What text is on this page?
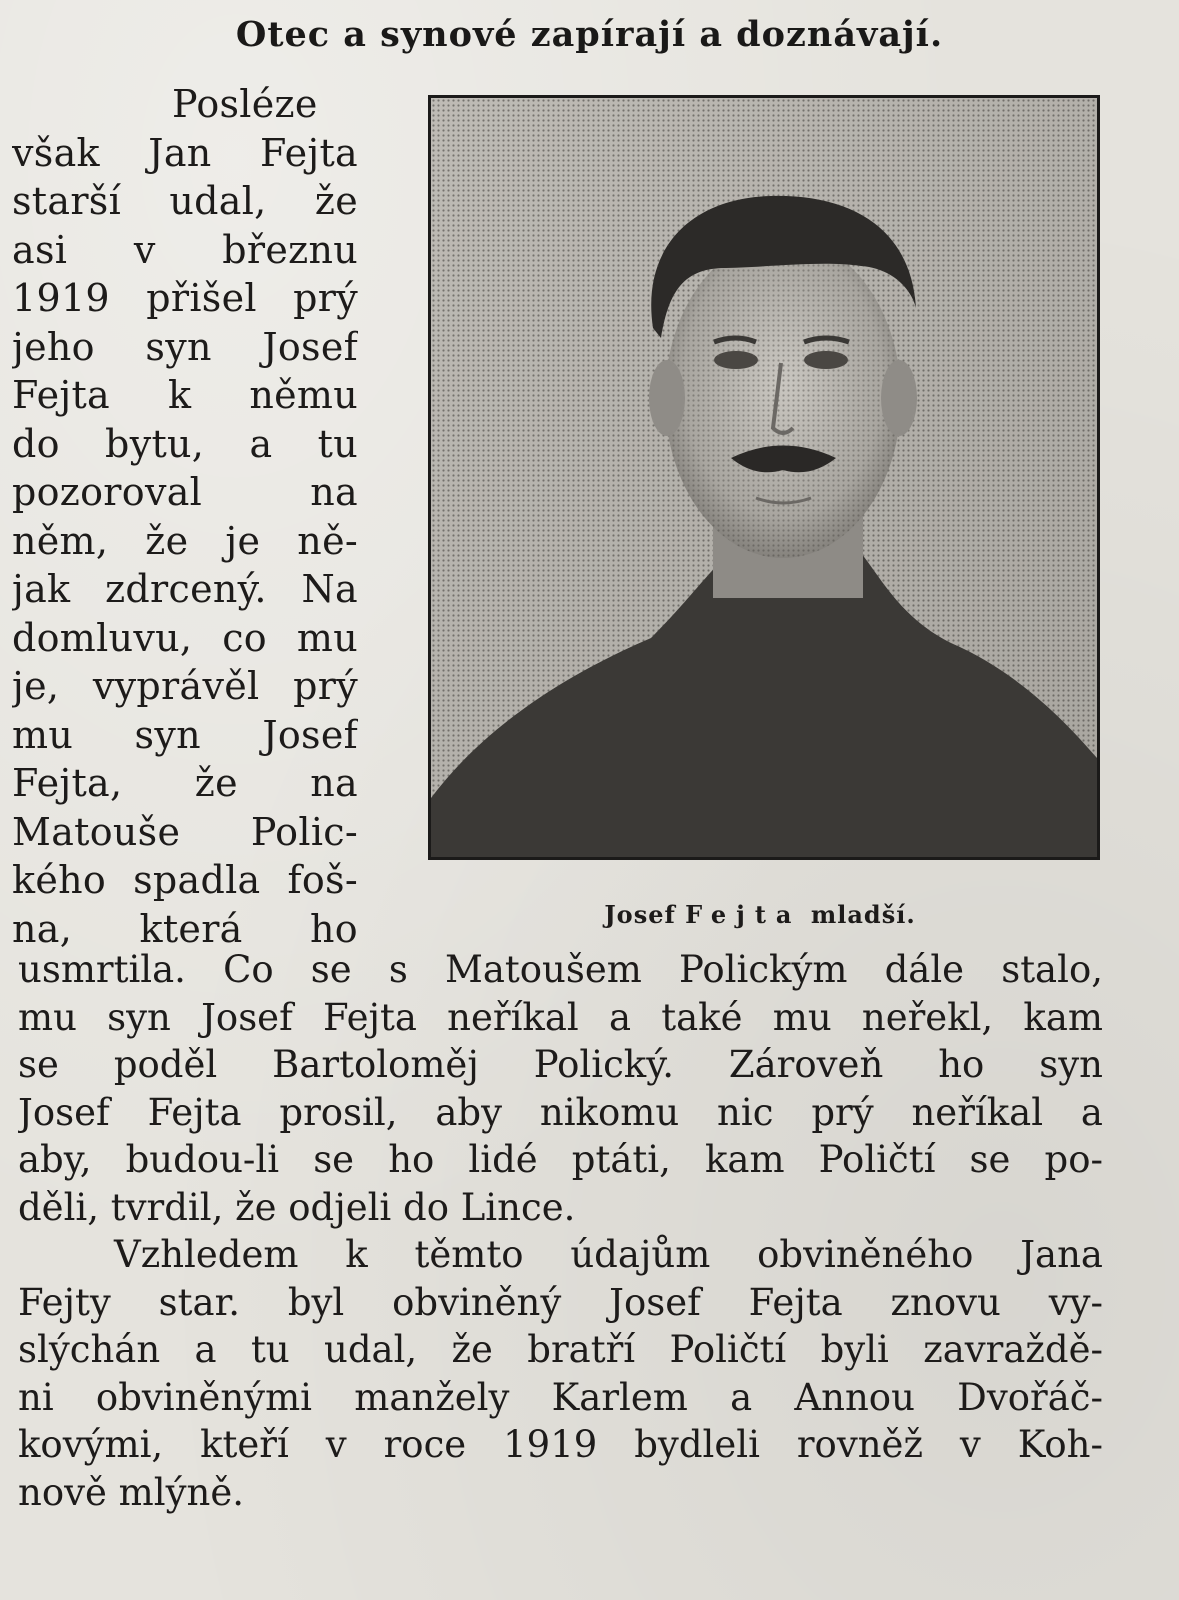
Otec a synové zapírají a doznávají.
Posléze
však Jan Fejta
starší udal, že
asi v březnu
1919 přišel prý
jeho syn Josef
Fejta k němu
do bytu, a tu
pozoroval na
něm, že je ně-
jak zdrcený. Na
domluvu, co mu
je, vyprávěl prý
mu syn Josef
Fejta, že na
Matouše Polic-
kého spadla foš-
na, která ho	Josef Fejta mladší.
usmrtila. Co se s Matoušem Polickým dále stalo,
mu syn Josef Fejta neříkal a také mu neřekl, kam
se poděl Bartoloměj Polický. Zároveň ho syn
Josef Fejta prosil, aby nikomu nic prý neříkal a
aby, budou-li se ho lidé ptáti, kam Poličtí se po-
děli, tvrdil, že odjeli do Lince.
Vzhledem k těmto údajům obviněného Jana
Fejty star. byl obviněný Josef Fejta znovu vy-
slýchán a tu udal, že bratří Poličtí byli zavraždě-
ni obviněnými manžely Karlem a Annou Dvořáč-
kovými, kteří v roce 1919 bydleli rovněž v Koh-
nově mlýně.
